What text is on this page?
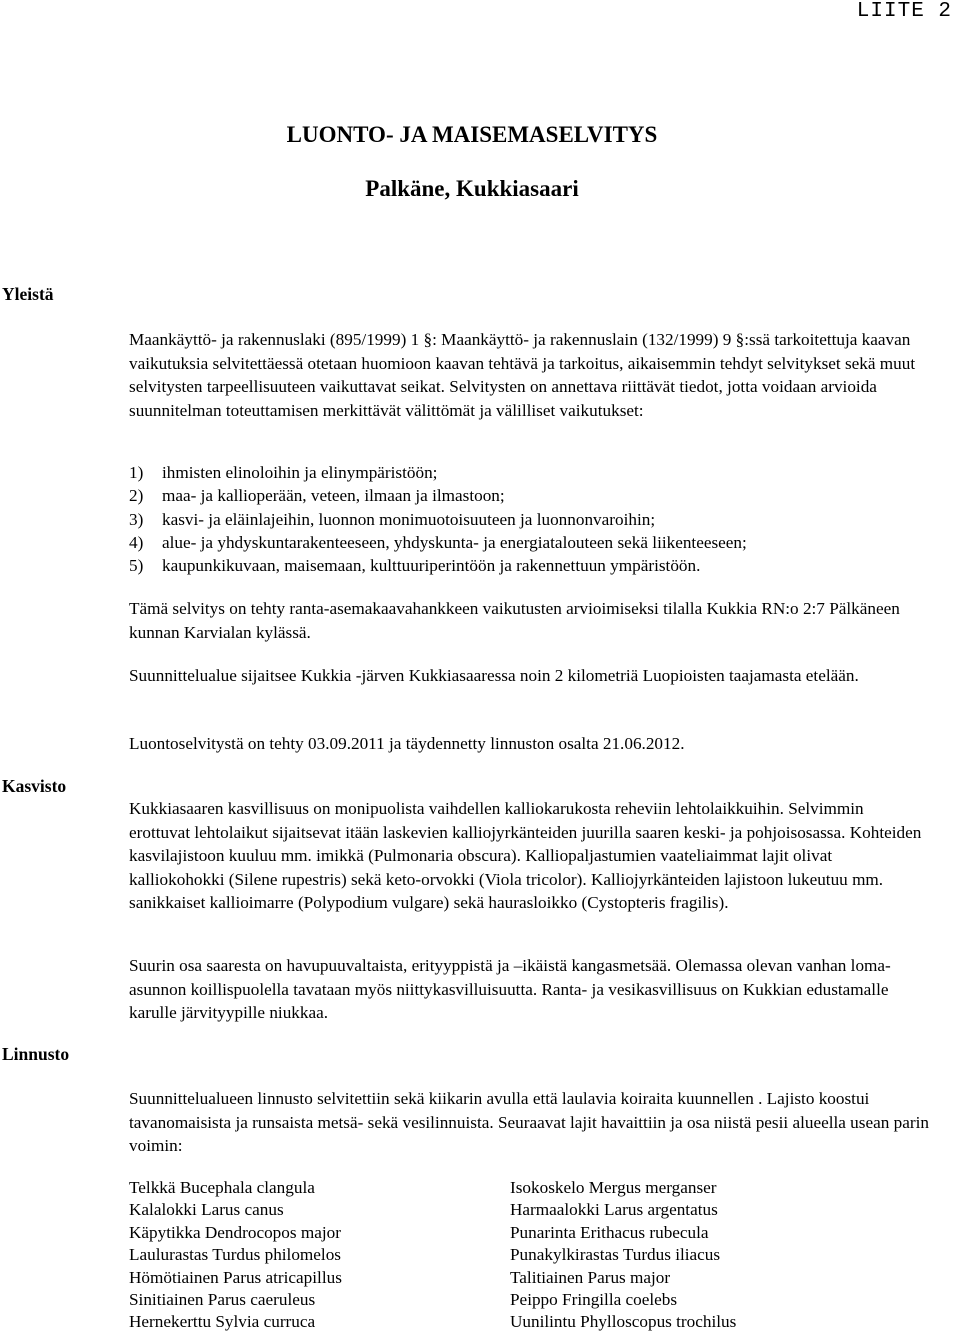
LIITE 2
LUONTO- JA MAISEMASELVITYS
Palkäne, Kukkiasaari
Yleistä

Maankäyttö- ja rakennuslaki (895/1999) 1 §: Maankäyttö- ja rakennuslain (132/1999) 9 §:ssä tarkoitettuja kaavan vaikutuksia selvitettäessä otetaan huomioon kaavan tehtävä ja tarkoitus, aikaisemmin tehdyt selvitykset sekä muut selvitysten tarpeellisuuteen vaikuttavat seikat. Selvitysten on annettava riittävät tiedot, jotta voidaan arvioida suunnitelman toteuttamisen merkittävät välittömät ja välilliset vaikutukset:

1)	ihmisten elinoloihin ja elinympäristöön;
2)	maa- ja kallioperään, veteen, ilmaan ja ilmastoon;
3)	kasvi- ja eläinlajeihin, luonnon monimuotoisuuteen ja luonnonvaroihin;
4)	alue- ja yhdyskuntarakenteeseen, yhdyskunta- ja energiatalouteen sekä liikenteeseen;
5)	kaupunkikuvaan, maisemaan, kulttuuriperintöön ja rakennettuun ympäristöön.

Tämä selvitys on tehty ranta-asemakaavahankkeen vaikutusten arvioimiseksi tilalla Kukkia RN:o 2:7 Pälkäneen kunnan Karvialan kylässä.

Suunnittelualue sijaitsee Kukkia -järven Kukkiasaaressa noin 2 kilometriä Luopioisten taajamasta etelään.

Luontoselvitystä on tehty 03.09.2011 ja täydennetty linnuston osalta 21.06.2012.

Kasvisto

Kukkiasaaren kasvillisuus on monipuolista vaihdellen kalliokarukosta reheviin lehtolaikkuihin. Selvimmin erottuvat lehtolaikut sijaitsevat itään laskevien kalliojyrkänteiden juurilla saaren keski- ja pohjoisosassa. Kohteiden kasvilajistoon kuuluu mm. imikkä (Pulmonaria obscura). Kalliopaljastumien vaateliaimmat lajit olivat kalliokohokki (Silene rupestris) sekä keto-orvokki (Viola tricolor). Kalliojyrkänteiden lajistoon lukeutuu mm. sanikkaiset kallioimarre (Polypodium vulgare) sekä haurasloikko (Cystopteris fragilis).

Suurin osa saaresta on havupuuvaltaista, erityyppistä ja –ikäistä kangasmetsää. Olemassa olevan vanhan loma-asunnon koillispuolella tavataan myös niittykasvilluisuutta. Ranta- ja vesikasvillisuus on Kukkian edustamalle karulle järvityypille niukkaa.

Linnusto

Suunnittelualueen linnusto selvitettiin sekä kiikarin avulla että laulavia koiraita kuunnellen . Lajisto koostui tavanomaisista ja runsaista metsä- sekä vesilinnuista. Seuraavat lajit havaittiin ja osa niistä pesii alueella usean parin voimin:

Telkkä Bucephala clangula
Kalalokki Larus canus
Käpytikka Dendrocopos major
Laulurastas Turdus philomelos
Hömötiainen Parus atricapillus
Sinitiainen Parus caeruleus
Hernekerttu Sylvia curruca
Isokoskelo Mergus merganser
Harmaalokki Larus argentatus
Punarinta Erithacus rubecula
Punakylkirastas Turdus iliacus
Talitiainen Parus major
Peippo Fringilla coelebs
Uunilintu Phylloscopus trochilus
